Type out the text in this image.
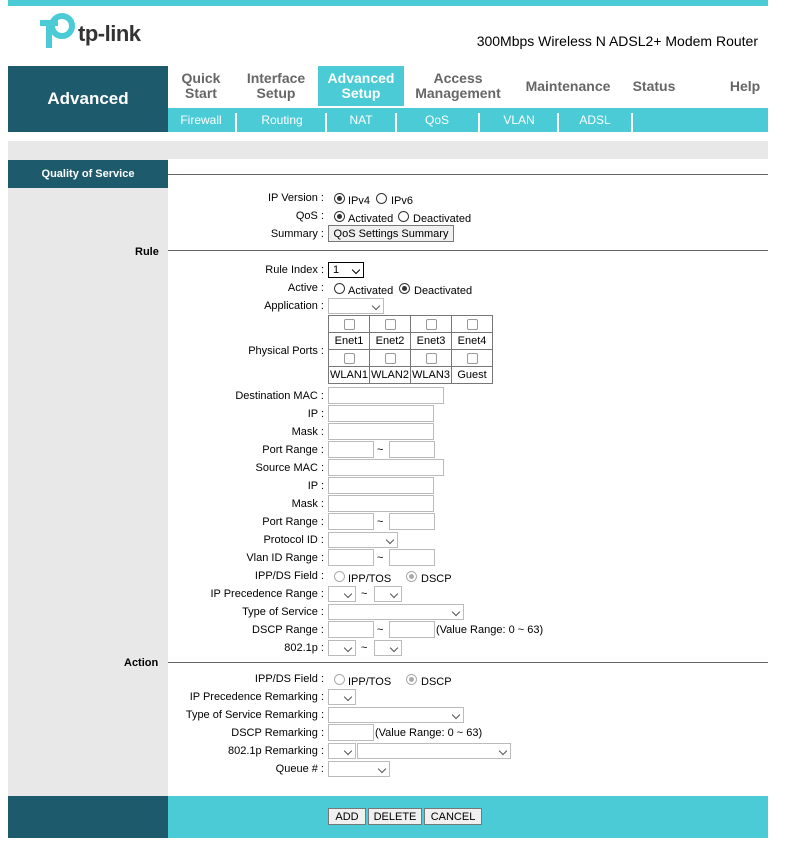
tp-link	300Mbps Wireless N ADSL2+ Modem Router
Advanced
Quick
Start
Interface
Setup
Advanced
Setup
Access
Management	Maintenance	Status	Help
Firewall	Routing	NAT	QoS	VLAN	ADSL
Quality of Service
IP Version : IPv4 IPv6
QoS : Activated Deactivated
Summary : QoS Settings Summary
Rule
Rule Index : 1
Active : Activated Deactivated
Application :
Physical Ports :

Enet1	Enet2	Enet3	Enet4

WLAN1	WLAN2	WLAN3	Guest
Destination MAC :
IP :
Mask :
Port Range :	~
Source MAC :
IP :
Mask :
Port Range :	~
Protocol ID :
Vlan ID Range :	~
IPP/DS Field : IPP/TOS	DSCP
IP Precedence Range :	~
Type of Service :
DSCP Range :	~	(Value Range: 0 ~ 63)
802.1p :	~
Action
IPP/DS Field : IPP/TOS	DSCP
IP Precedence Remarking :
Type of Service Remarking :
DSCP Remarking :	(Value Range: 0 ~ 63)
802.1p Remarking :
Queue # :
ADD	DELETE	CANCEL
